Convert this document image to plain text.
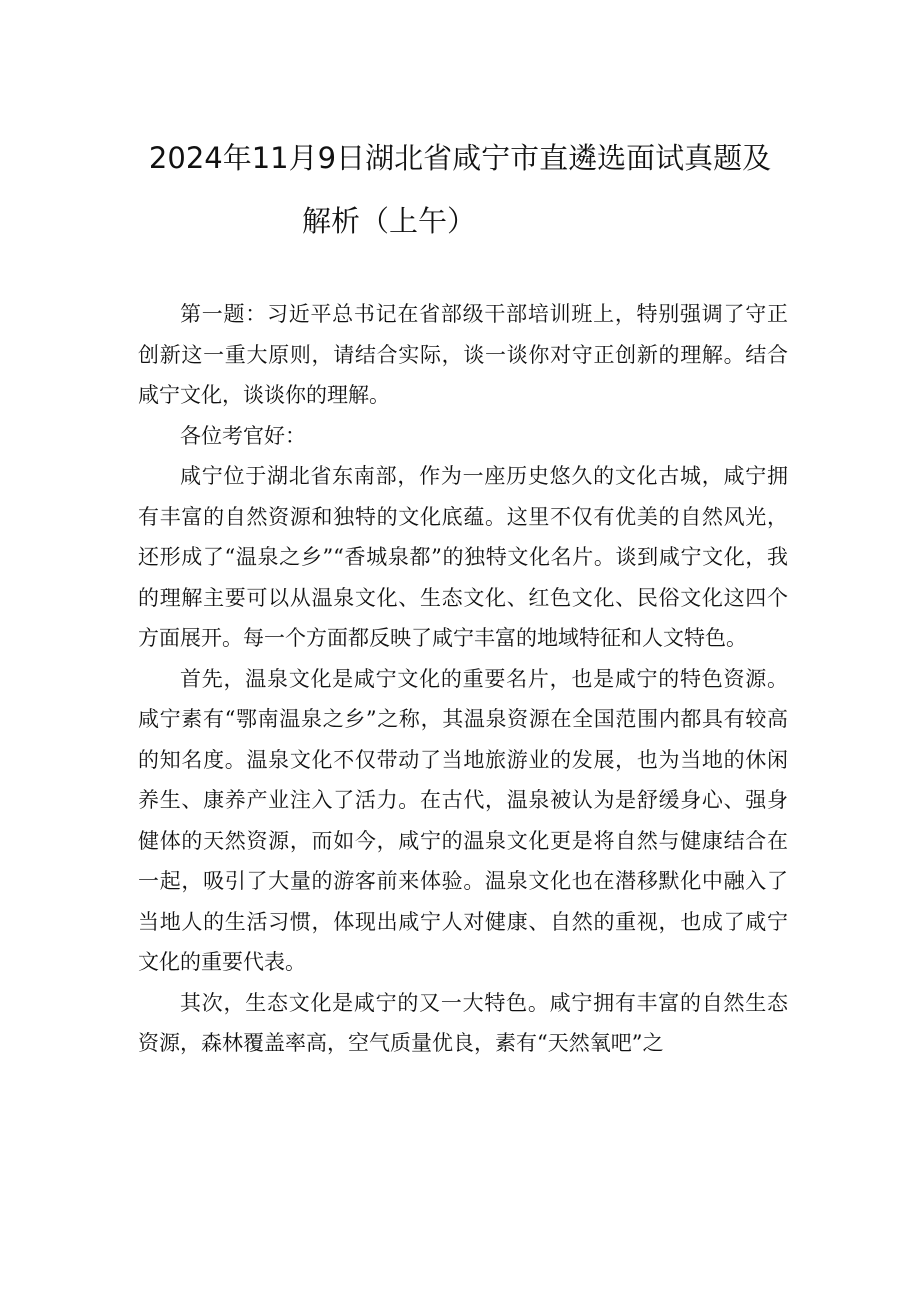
2024年11月9日湖北省咸宁市直遴选面试真题及
解析（上午）

第一题：习近平总书记在省部级干部培训班上，特别强调了守正创新这一重大原则，请结合实际，谈一谈你对守正创新的理解。结合咸宁文化，谈谈你的理解。

各位考官好：

咸宁位于湖北省东南部，作为一座历史悠久的文化古城，咸宁拥有丰富的自然资源和独特的文化底蕴。这里不仅有优美的自然风光，还形成了“温泉之乡”“香城泉都”的独特文化名片。谈到咸宁文化，我的理解主要可以从温泉文化、生态文化、红色文化、民俗文化这四个方面展开。每一个方面都反映了咸宁丰富的地域特征和人文特色。

首先，温泉文化是咸宁文化的重要名片，也是咸宁的特色资源。咸宁素有“鄂南温泉之乡”之称，其温泉资源在全国范围内都具有较高的知名度。温泉文化不仅带动了当地旅游业的发展，也为当地的休闲养生、康养产业注入了活力。在古代，温泉被认为是舒缓身心、强身健体的天然资源，而如今，咸宁的温泉文化更是将自然与健康结合在一起，吸引了大量的游客前来体验。温泉文化也在潜移默化中融入了当地人的生活习惯，体现出咸宁人对健康、自然的重视，也成了咸宁文化的重要代表。

其次，生态文化是咸宁的又一大特色。咸宁拥有丰富的自然生态资源，森林覆盖率高，空气质量优良，素有“天然氧吧”之
